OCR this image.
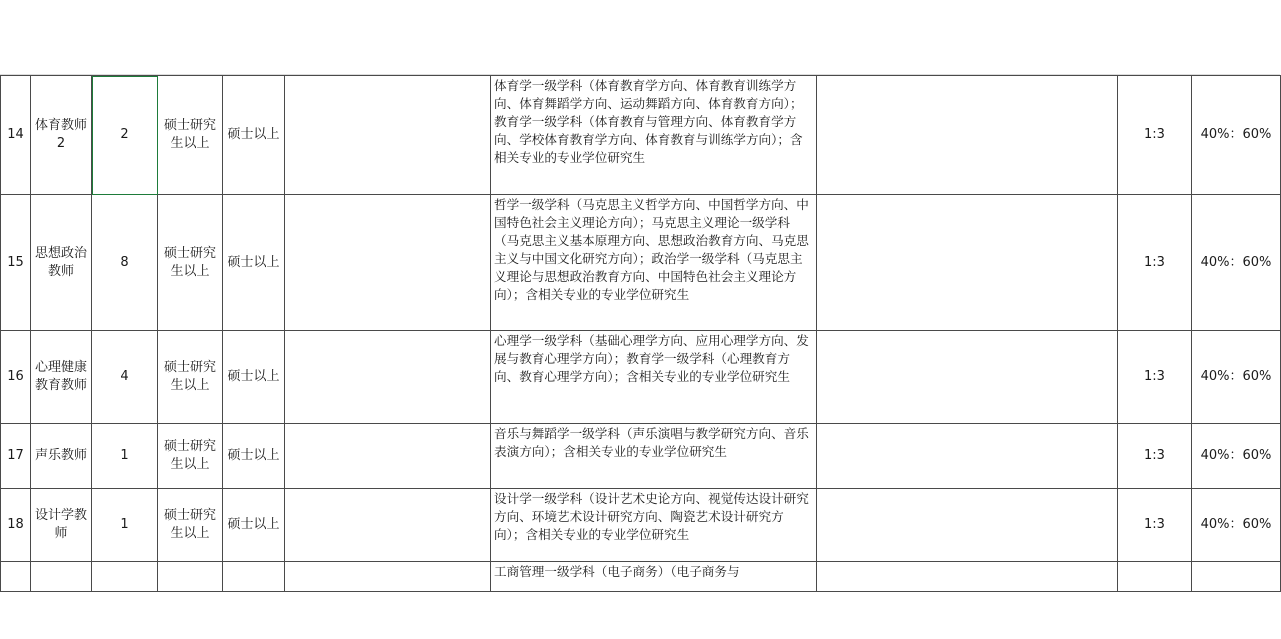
14	体育教师2	2	硕士研究生以上	硕士以上		体育学一级学科（体育教育学方向、体育教育训练学方向、体育舞蹈学方向、运动舞蹈方向、体育教育方向）；教育学一级学科（体育教育与管理方向、体育教育学方向、学校体育教育学方向、体育教育与训练学方向）；含相关专业的专业学位研究生		1:3	40%：60%
15	思想政治教师	8	硕士研究生以上	硕士以上		哲学一级学科（马克思主义哲学方向、中国哲学方向、中国特色社会主义理论方向）；马克思主义理论一级学科（马克思主义基本原理方向、思想政治教育方向、马克思主义与中国文化研究方向）；政治学一级学科（马克思主义理论与思想政治教育方向、中国特色社会主义理论方向）；含相关专业的专业学位研究生		1:3	40%：60%
16	心理健康教育教师	4	硕士研究生以上	硕士以上		心理学一级学科（基础心理学方向、应用心理学方向、发展与教育心理学方向）；教育学一级学科（心理教育方向、教育心理学方向）；含相关专业的专业学位研究生		1:3	40%：60%
17	声乐教师	1	硕士研究生以上	硕士以上		音乐与舞蹈学一级学科（声乐演唱与教学研究方向、音乐表演方向）；含相关专业的专业学位研究生		1:3	40%：60%
18	设计学教师	1	硕士研究生以上	硕士以上		设计学一级学科（设计艺术史论方向、视觉传达设计研究方向、环境艺术设计研究方向、陶瓷艺术设计研究方向）；含相关专业的专业学位研究生		1:3	40%：60%
						工商管理一级学科（电子商务）（电子商务与			
